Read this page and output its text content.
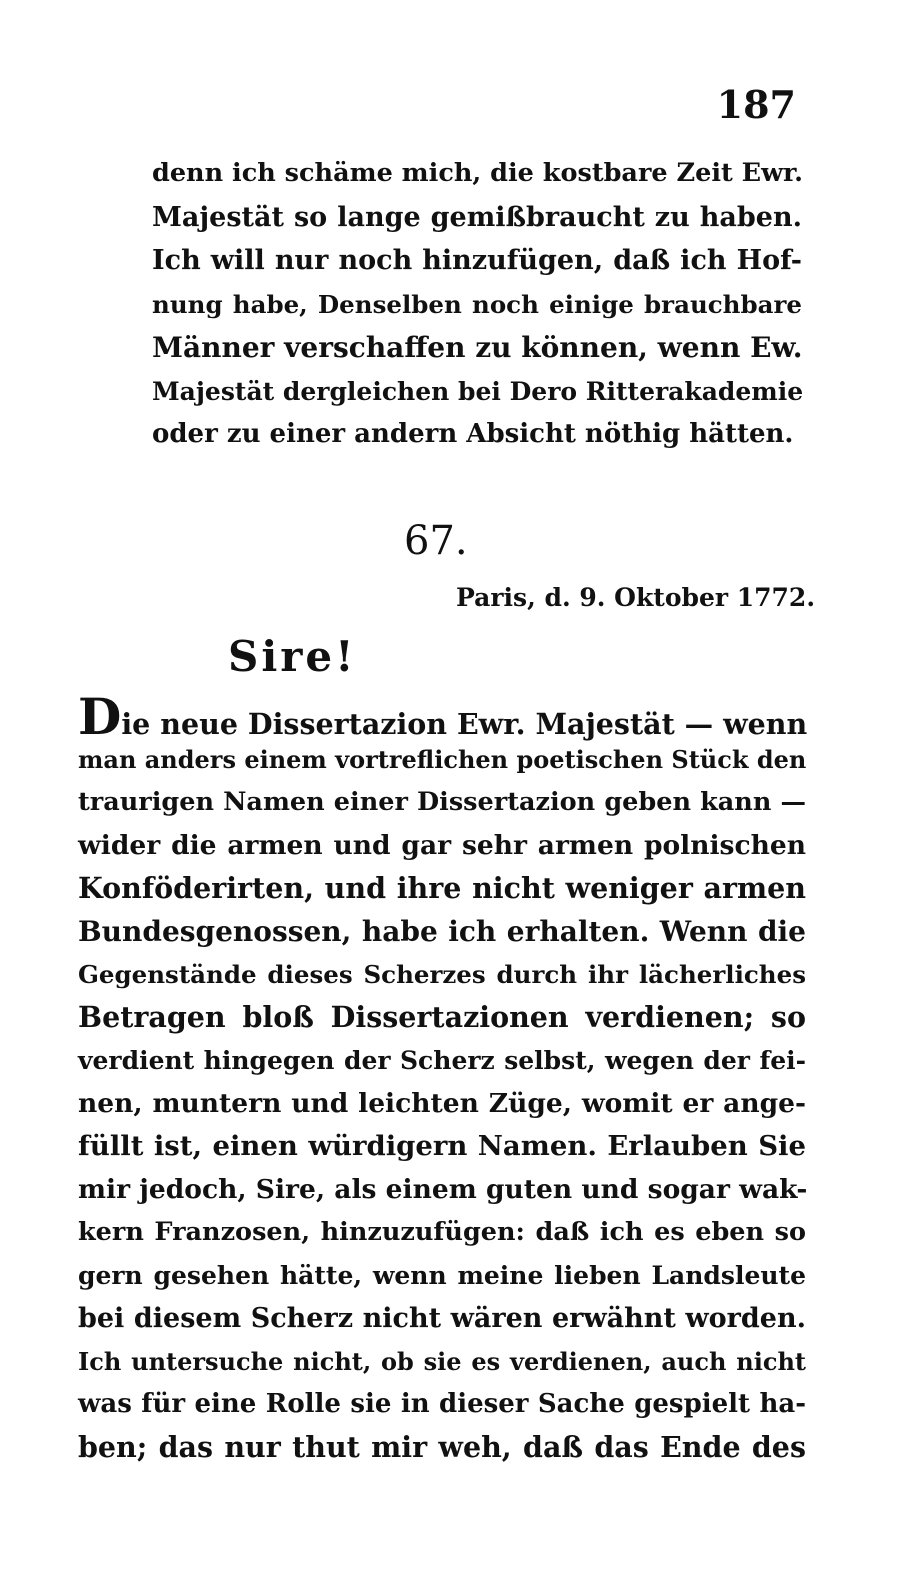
187
denn ich schäme mich, die kostbare Zeit Ewr.
Majestät so lange gemißbraucht zu haben.
Ich will nur noch hinzufügen, daß ich Hof-
nung habe, Denselben noch einige brauchbare
Männer verschaffen zu können, wenn Ew.
Majestät dergleichen bei Dero Ritterakademie
oder zu einer andern Absicht nöthig hätten.
67.
Paris, d. 9. Oktober 1772.
Sire!
Die neue Dissertazion Ewr. Majestät — wenn
man anders einem vortreflichen poetischen Stück den
traurigen Namen einer Dissertazion geben kann —
wider die armen und gar sehr armen polnischen
Konföderirten, und ihre nicht weniger armen
Bundesgenossen, habe ich erhalten. Wenn die
Gegenstände dieses Scherzes durch ihr lächerliches
Betragen bloß Dissertazionen verdienen; so
verdient hingegen der Scherz selbst, wegen der fei-
nen, muntern und leichten Züge, womit er ange-
füllt ist, einen würdigern Namen. Erlauben Sie
mir jedoch, Sire, als einem guten und sogar wak-
kern Franzosen, hinzuzufügen: daß ich es eben so
gern gesehen hätte, wenn meine lieben Landsleute
bei diesem Scherz nicht wären erwähnt worden.
Ich untersuche nicht, ob sie es verdienen, auch nicht
was für eine Rolle sie in dieser Sache gespielt ha-
ben; das nur thut mir weh, daß das Ende des
